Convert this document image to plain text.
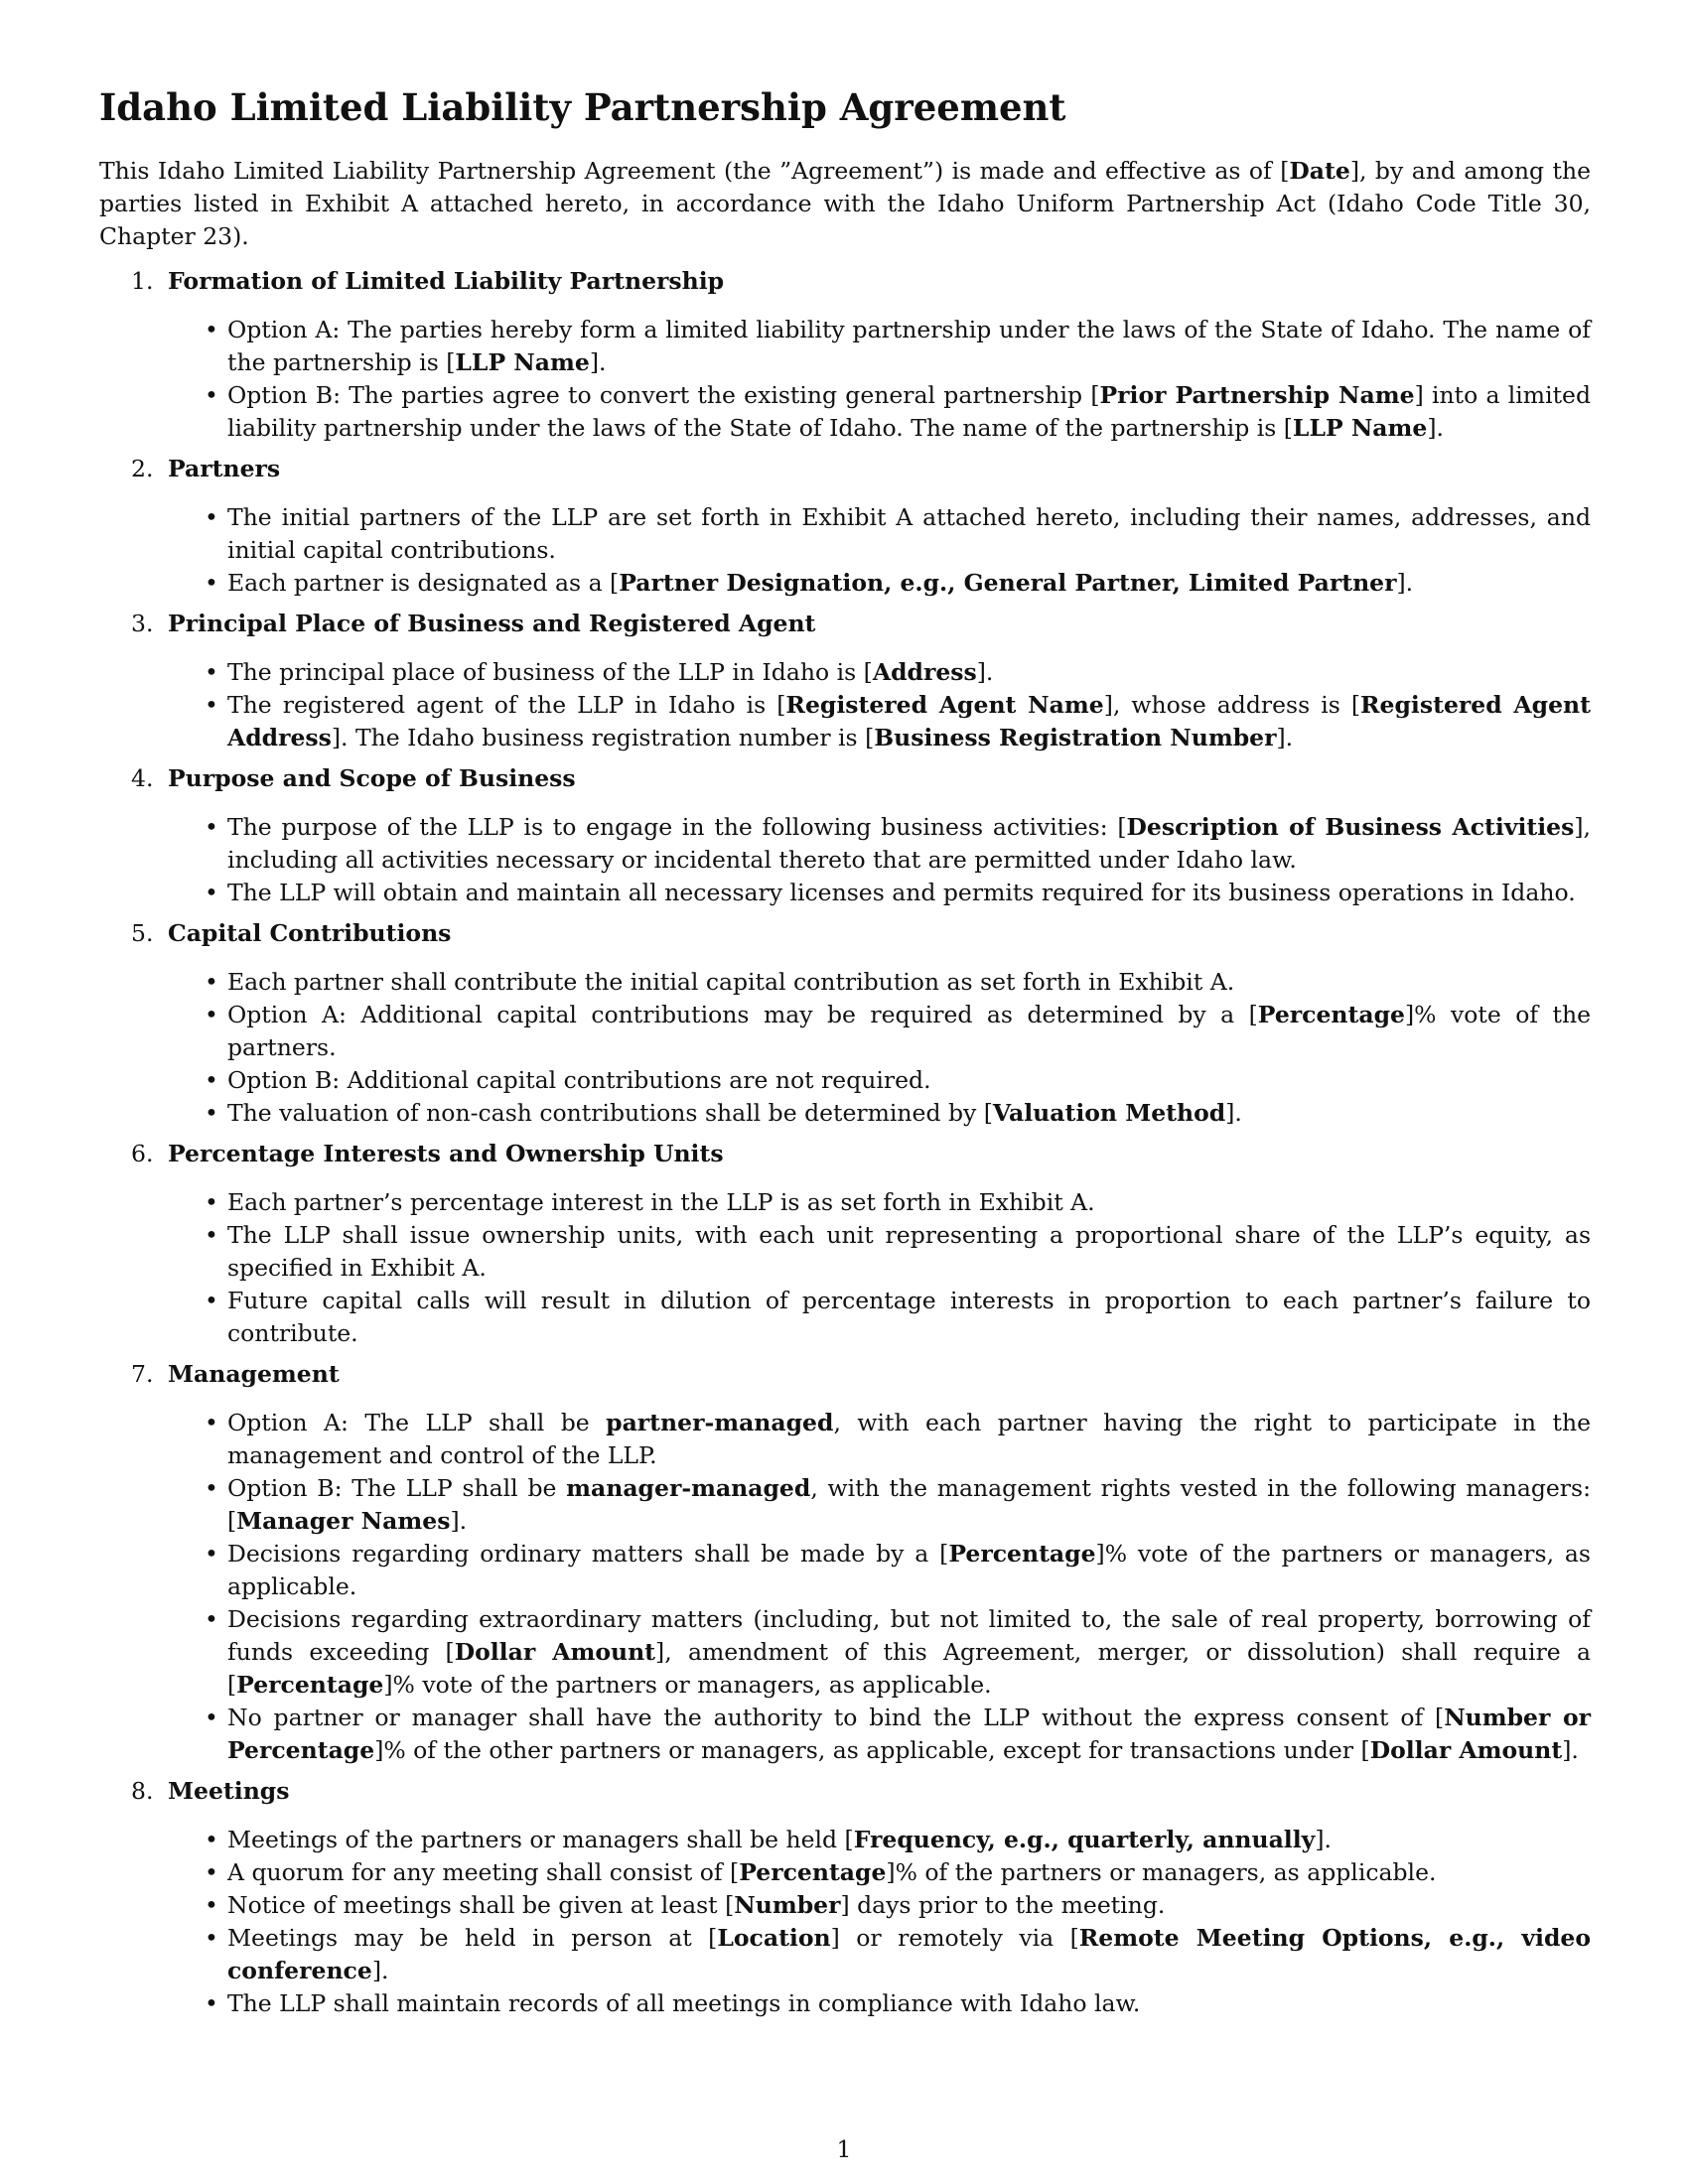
Idaho Limited Liability Partnership Agreement

This Idaho Limited Liability Partnership Agreement (the ”Agreement”) is made and effective as of [Date], by and among the parties listed in Exhibit A attached hereto, in accordance with the Idaho Uniform Partnership Act (Idaho Code Title 30, Chapter 23).

1. Formation of Limited Liability Partnership
• Option A: The parties hereby form a limited liability partnership under the laws of the State of Idaho. The name of the partnership is [LLP Name].
• Option B: The parties agree to convert the existing general partnership [Prior Partnership Name] into a limited liability partnership under the laws of the State of Idaho. The name of the partnership is [LLP Name].
2. Partners
• The initial partners of the LLP are set forth in Exhibit A attached hereto, including their names, addresses, and initial capital contributions.
• Each partner is designated as a [Partner Designation, e.g., General Partner, Limited Partner].
3. Principal Place of Business and Registered Agent
• The principal place of business of the LLP in Idaho is [Address].
• The registered agent of the LLP in Idaho is [Registered Agent Name], whose address is [Registered Agent Address]. The Idaho business registration number is [Business Registration Number].
4. Purpose and Scope of Business
• The purpose of the LLP is to engage in the following business activities: [Description of Business Activities], including all activities necessary or incidental thereto that are permitted under Idaho law.
• The LLP will obtain and maintain all necessary licenses and permits required for its business operations in Idaho.
5. Capital Contributions
• Each partner shall contribute the initial capital contribution as set forth in Exhibit A.
• Option A: Additional capital contributions may be required as determined by a [Percentage]% vote of the partners.
• Option B: Additional capital contributions are not required.
• The valuation of non-cash contributions shall be determined by [Valuation Method].
6. Percentage Interests and Ownership Units
• Each partner’s percentage interest in the LLP is as set forth in Exhibit A.
• The LLP shall issue ownership units, with each unit representing a proportional share of the LLP’s equity, as specified in Exhibit A.
• Future capital calls will result in dilution of percentage interests in proportion to each partner’s failure to contribute.
7. Management
• Option A: The LLP shall be partner-managed, with each partner having the right to participate in the management and control of the LLP.
• Option B: The LLP shall be manager-managed, with the management rights vested in the following managers: [Manager Names].
• Decisions regarding ordinary matters shall be made by a [Percentage]% vote of the partners or managers, as applicable.
• Decisions regarding extraordinary matters (including, but not limited to, the sale of real property, borrowing of funds exceeding [Dollar Amount], amendment of this Agreement, merger, or dissolution) shall require a [Percentage]% vote of the partners or managers, as applicable.
• No partner or manager shall have the authority to bind the LLP without the express consent of [Number or Percentage]% of the other partners or managers, as applicable, except for transactions under [Dollar Amount].
8. Meetings
• Meetings of the partners or managers shall be held [Frequency, e.g., quarterly, annually].
• A quorum for any meeting shall consist of [Percentage]% of the partners or managers, as applicable.
• Notice of meetings shall be given at least [Number] days prior to the meeting.
• Meetings may be held in person at [Location] or remotely via [Remote Meeting Options, e.g., video conference].
• The LLP shall maintain records of all meetings in compliance with Idaho law.
1
